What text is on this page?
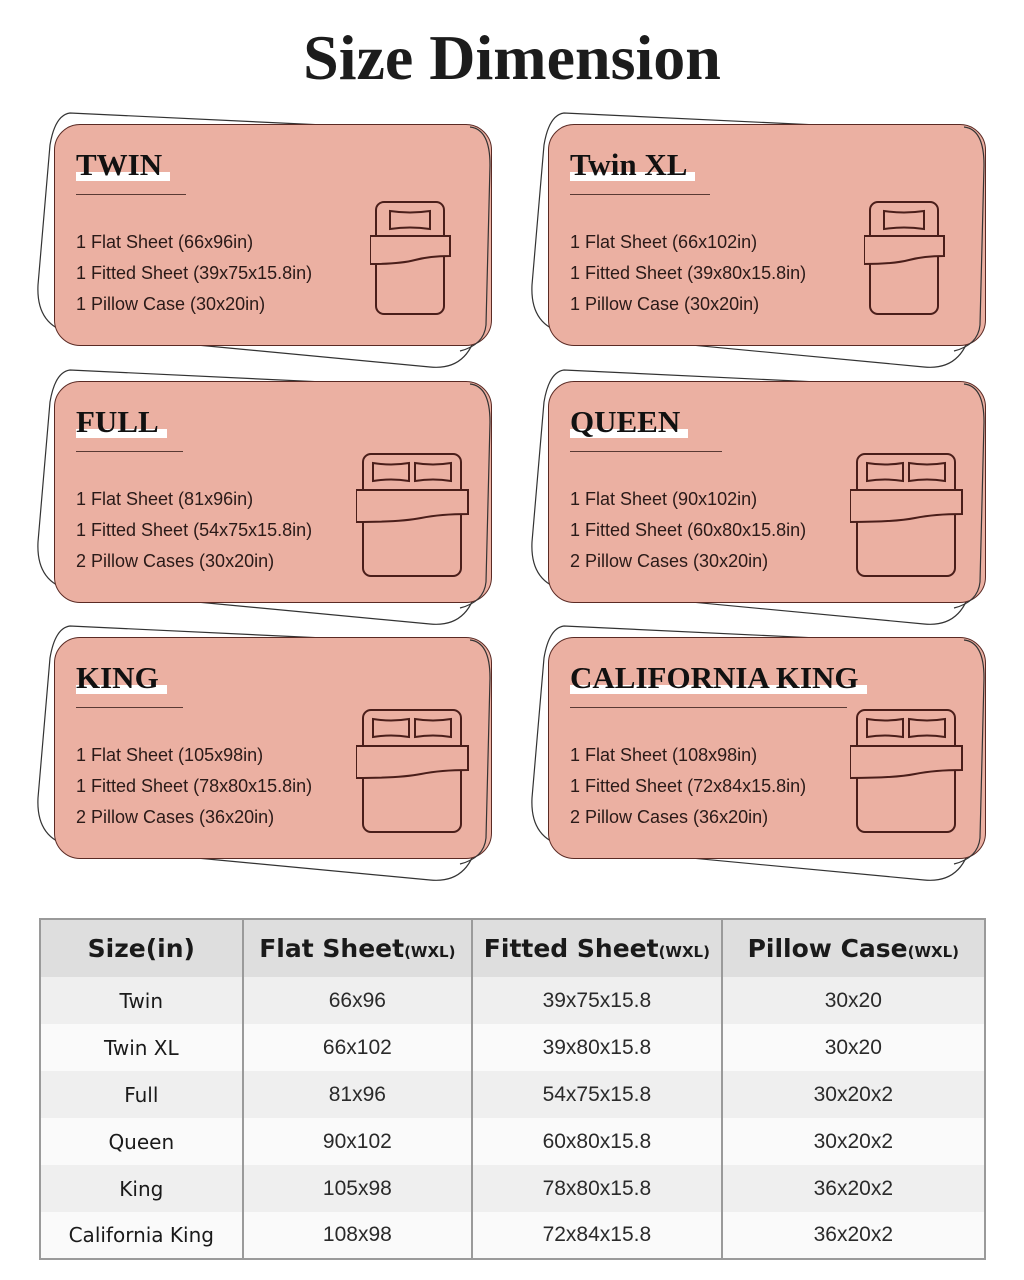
Size Dimension
TWIN
1 Flat Sheet (66x96in)
1 Fitted Sheet (39x75x15.8in)
1 Pillow Case (30x20in)
Twin XL
1 Flat Sheet (66x102in)
1 Fitted Sheet (39x80x15.8in)
1 Pillow Case (30x20in)
FULL
1 Flat Sheet (81x96in)
1 Fitted Sheet (54x75x15.8in)
2 Pillow Cases (30x20in)
QUEEN
1 Flat Sheet (90x102in)
1 Fitted Sheet (60x80x15.8in)
2 Pillow Cases (30x20in)
KING
1 Flat Sheet (105x98in)
1 Fitted Sheet (78x80x15.8in)
2 Pillow Cases (36x20in)
CALIFORNIA KING
1 Flat Sheet (108x98in)
1 Fitted Sheet (72x84x15.8in)
2 Pillow Cases (36x20in)
Size(in)	Flat Sheet(WXL)	Fitted Sheet(WXL)	Pillow Case(WXL)
Twin	66x96	39x75x15.8	30x20
Twin XL	66x102	39x80x15.8	30x20
Full	81x96	54x75x15.8	30x20x2
Queen	90x102	60x80x15.8	30x20x2
King	105x98	78x80x15.8	36x20x2
California King	108x98	72x84x15.8	36x20x2
